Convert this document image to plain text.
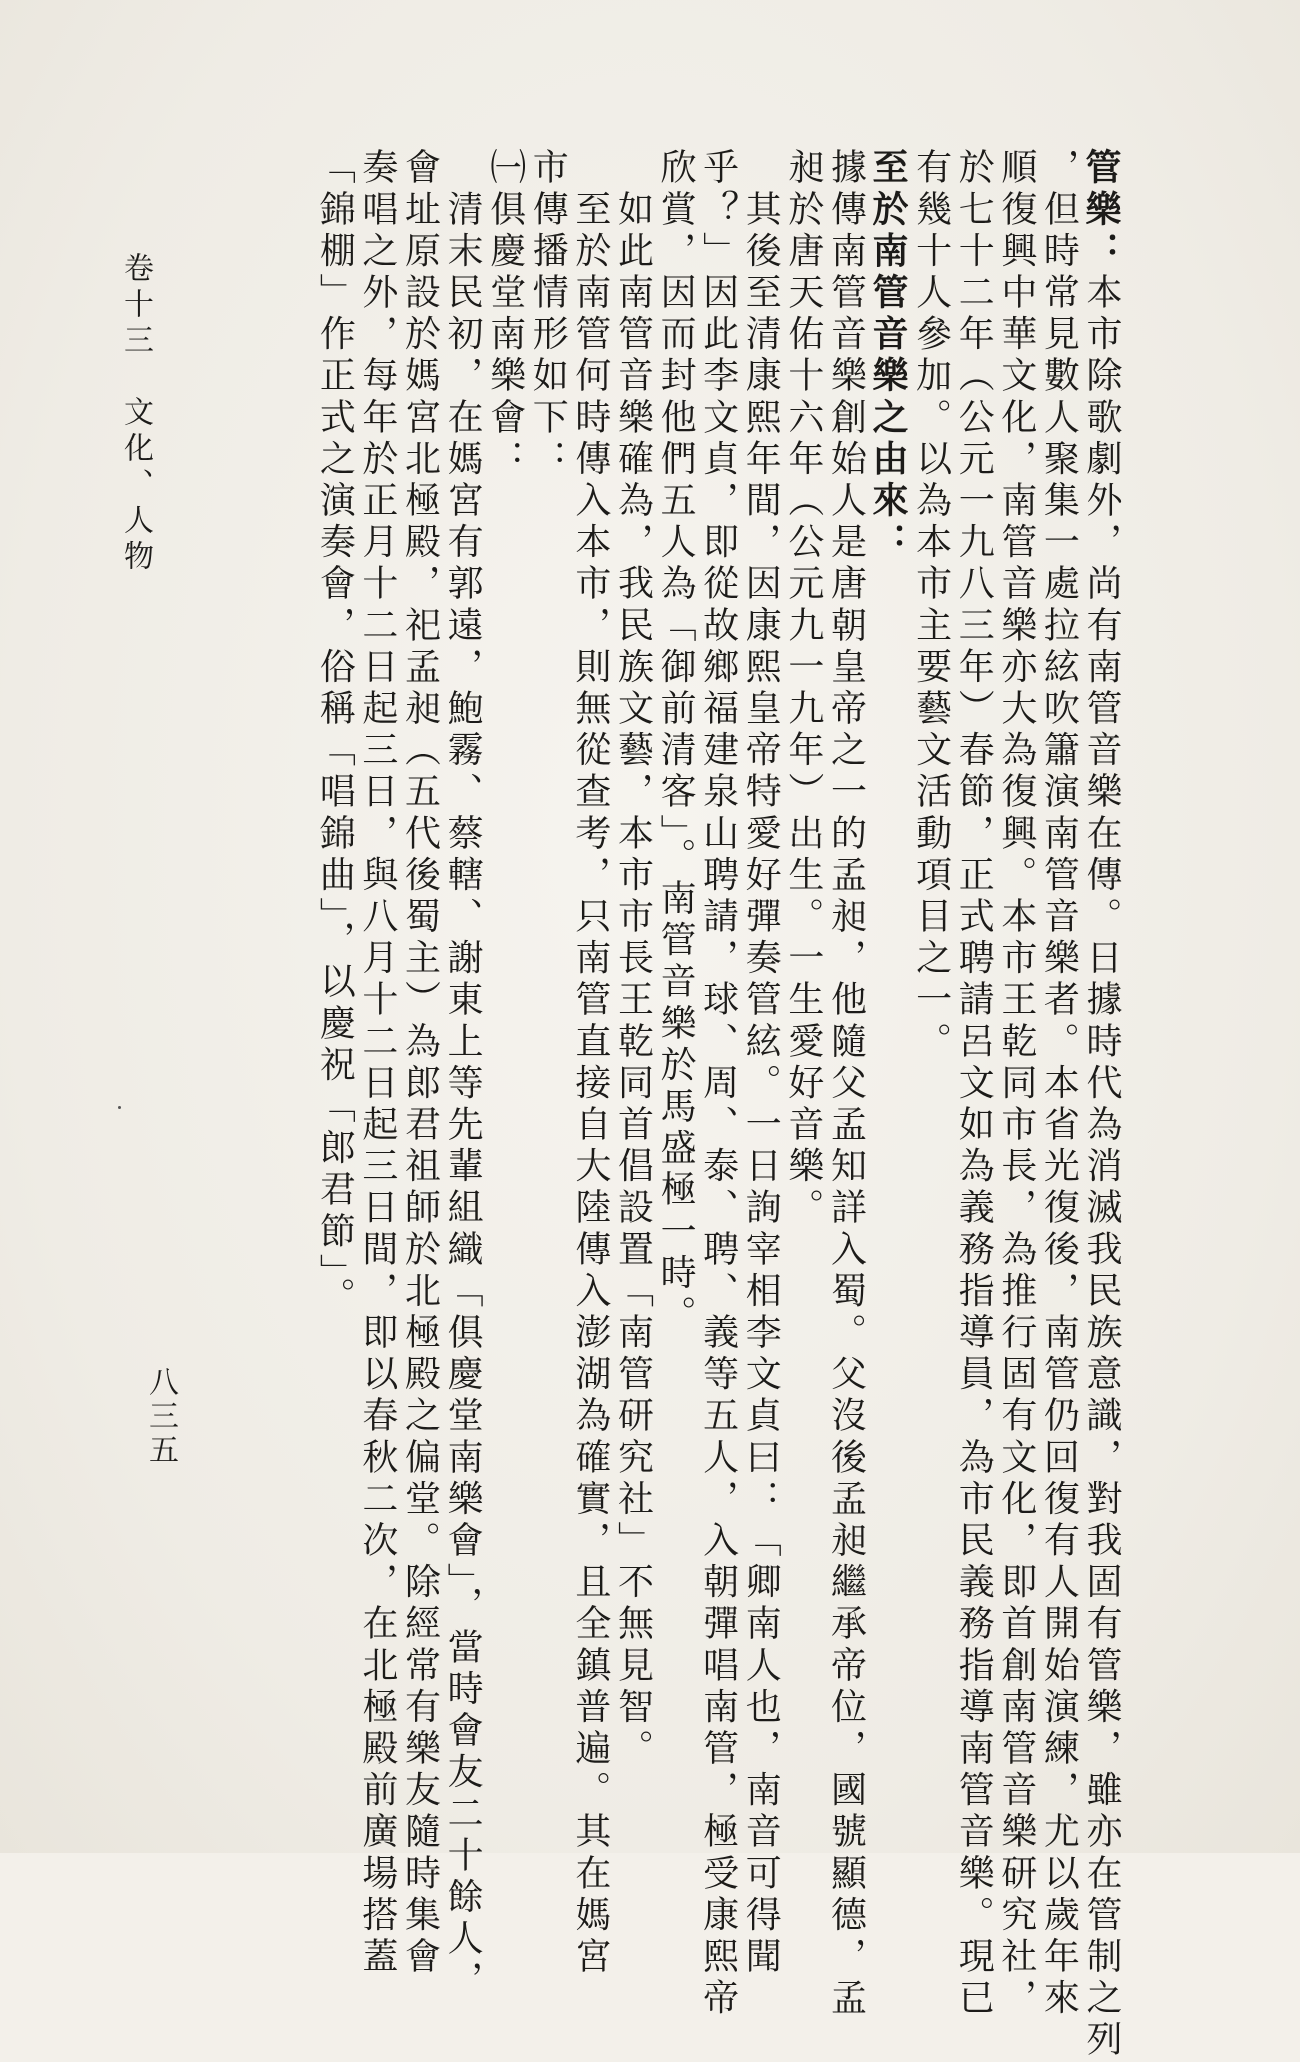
管樂：本市除歌劇外，尚有南管音樂在傳。日據時代為消滅我民族意識，對我固有管樂，雖亦在管制之列

，但時常見數人聚集一處拉絃吹簫演南管音樂者。本省光復後，南管仍回復有人開始演練，尤以歲年來

順復興中華文化，南管音樂亦大為復興。本市王乾同市長，為推行固有文化，即首創南管音樂研究社，

於七十二年（公元一九八三年）春節，正式聘請呂文如為義務指導員，為市民義務指導南管音樂。現已

有幾十人參加。以為本市主要藝文活動項目之一。

至於南管音樂之由來：

據傳南管音樂創始人是唐朝皇帝之一的孟昶，他隨父孟知詳入蜀。父沒後孟昶繼承帝位，國號顯德，孟

昶於唐天佑十六年（公元九一九年）出生。一生愛好音樂。

　其後至清康熙年間，因康熙皇帝特愛好彈奏管絃。一日詢宰相李文貞曰：「卿南人也，南音可得聞

乎？」因此李文貞，即從故鄉福建泉山聘請，球、周、泰、聘、義等五人，入朝彈唱南管，極受康熙帝

欣賞，因而封他們五人為「御前清客」。南管音樂於馬盛極一時。

　如此南管音樂確為，我民族文藝，本市市長王乾同首倡設置「南管研究社」不無見智。

　至於南管何時傳入本市，則無從查考，只南管直接自大陸傳入澎湖為確實，且全鎮普遍。其在媽宮

市傳播情形如下：

㈠俱慶堂南樂會：

　清末民初，在媽宮有郭遠，鮑霧、蔡轄、謝東上等先輩組織「俱慶堂南樂會」，當時會友二十餘人，

會址原設於媽宮北極殿，祀孟昶（五代後蜀主）為郎君祖師於北極殿之偏堂。除經常有樂友隨時集會

奏唱之外，每年於正月十二日起三日，與八月十二日起三日間，即以春秋二次，在北極殿前廣場搭蓋

「錦棚」作正式之演奏會，俗稱「唱錦曲」，以慶祝「郎君節」。

卷十三　文化、人物
八三五
